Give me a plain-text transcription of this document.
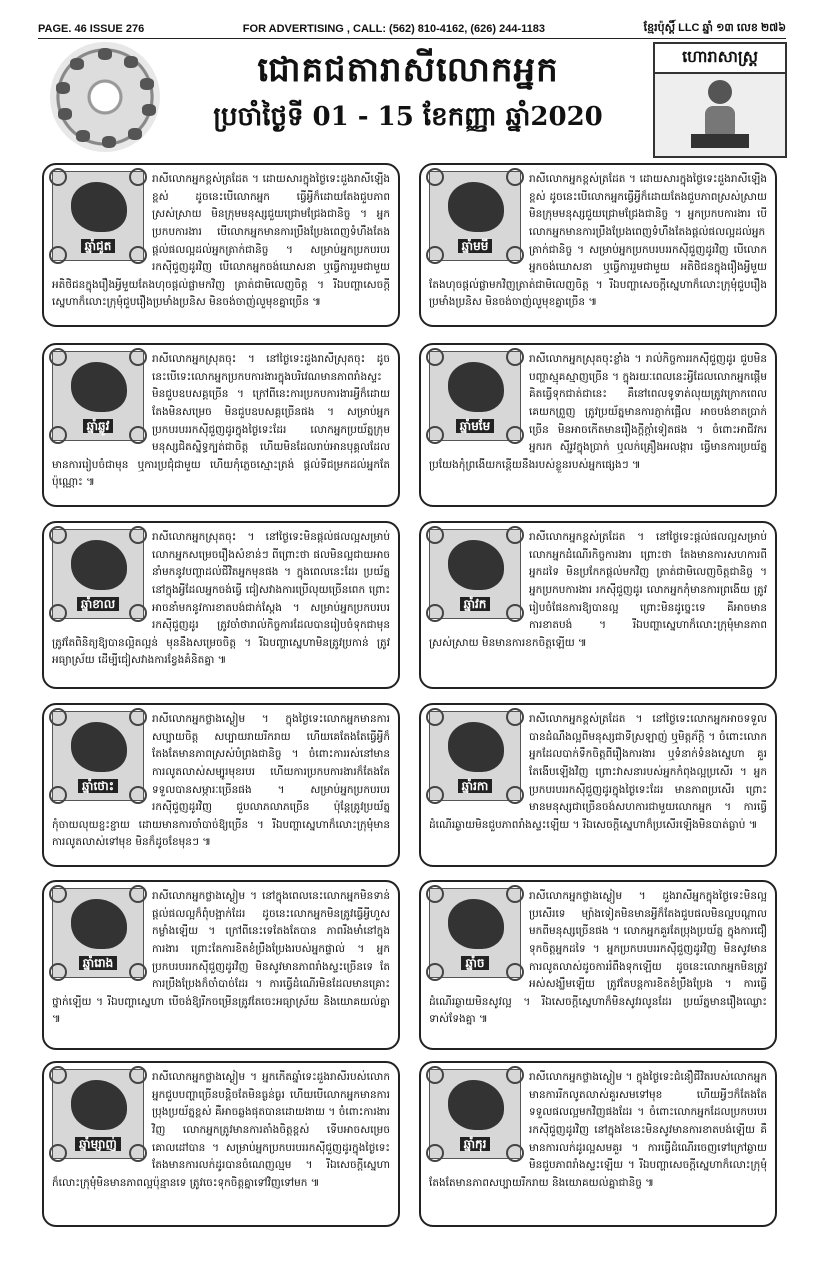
PAGE. 46 ISSUE 276	FOR ADVERTISING , CALL: (562) 810-4162, (626) 244-1183	ខ្មែរប៉ុស្តិ៍ LLC ឆ្នាំ ១៣ លេខ ២៧៦
ជោគជតារាសីលោកអ្នក
ប្រចាំថ្ងៃទី 01 - 15 ខែកញ្ញា ឆ្នាំ2020
ហោរាសាស្ត្រ
ឆ្នាំជូត

រាសីលោកអ្នកខ្ពស់ត្រដែត ។ ដោយសារក្នុងថ្ងៃទេះដួងរាសីឡើងខ្ពស់ ដូចនេះបើលោកអ្នក ធ្វើអ្វីក៏ដោយតែងជួបភាពស្រស់ស្រាយ មិនក្រុមមនុស្សជួយជ្រោមជ្រែងជានិច្ច ។ អ្នកប្រកបការងារ បើលោកអ្នកមានការប្រឹងប្រែងពេញទំហឹងតែងផ្តល់ផលល្អដល់អ្នកត្រាក់ជានិច្ច ។ សម្រាប់អ្នកប្រកបរបររកស៊ីជួញដូរវិញ បើលោកអ្នកចង់ឃោសនា ឬធ្វើការរួមជាមួយ អតិថិជនក្នុងរឿងអ្វីមួយតែងហុចផ្តល់ផ្លាមកវិញ ត្រាត់ជាមិលេញចិត្ត ។ រីឯបញ្ហាសេចក្តីស្នេហាក៏លោះក្រុមុំជួបរឿងប្រមាំងប្រនិស មិនចង់ចាញ់លួមុខគ្នាច្រើន ៕

ឆ្នាំមមី

រាសីលោកអ្នកខ្ពស់ត្រដែត ។ ដោយសារក្នុងថ្ងៃទេះដួងរាសីឡើងខ្ពស់ ដូចនេះបើលោកអ្នកធ្វើអ្វីក៏ដោយតែងជួបភាពស្រស់ស្រាយ មិនក្រុមមនុស្សជួយជ្រោមជ្រែងជានិច្ច ។ អ្នកប្រកបការងារ បើលោកអ្នកមានការប្រឹងប្រែងពេញទំហឹងតែងផ្តល់ផលល្អដល់អ្នកត្រាក់ជានិច្ច ។ សម្រាប់អ្នកប្រកបរបររកស៊ីជួញដូរវិញ បើលោកអ្នកចង់ឃោសនា ឬធ្វើការរួមជាមួយ អតិថិជនក្នុងរឿងអ្វីមួយតែងហុចផ្តល់ផ្លាមកវិញត្រាត់ជាមិលេញចិត្ត ។ រីឯបញ្ហាសេចក្តីស្នេហាក៏លោះក្រុមុំជួបរឿងប្រមាំងប្រនិស មិនចង់ចាញ់លួមុខគ្នាច្រើន ៕

ឆ្នាំឆ្លូវ

រាសីលោកអ្នកស្រុតចុះ ។ នៅថ្ងៃទេះដួងរាសីស្រុតចុះ ដូចនេះបើទេះលោកអ្នកប្រកបការងារក្នុងបរិវេណមានភាពរាំងស្ទះ មិនជួបឧបសគ្គច្រើន ។ ក្រៅពីនេះការប្រកបការងារអ្វីក៏ដោយ តែងមិនសម្រេច មិនជួបឧបសគ្គច្រើនផង ។ សម្រាប់អ្នកប្រកបរបររកស៊ីជួញដូរក្នុងថ្ងៃទេះដែរ លោកអ្នកប្រយ័ត្នក្រុមមនុស្សជិតស្និទ្ធក្បត់ជាចិត្ត ហើយមិនដែលរាប់អានបុគ្គលដែលមានការរៀបចំជាមុន ឬការប្រជុំជាមួយ ហើយកុំភ្លេចស្មោះត្រង់ ផ្តល់ទីជម្រកដល់អ្នកតែប៉ុណ្ណោះ ៕

ឆ្នាំមមែ

រាសីលោកអ្នកស្រុតចុះខ្លាំង ។ រាល់កិច្ចការរកស៊ីជួញដូរ ជួបមិនបញ្ហាស្មុគស្មាញច្រើន ។ ក្នុងរយៈពេលនេះអ្វីដែលលោកអ្នកផ្តើមគិតធ្វើទុកជាត់ជានេះ គឺនៅពេលទូទាត់លុយត្រូវក្រោកពេលគេយកព្រួញ ត្រូវប្រយ័ត្នមានការភ្ញាក់ផ្អើល អាចបង់ខាតប្រាក់ច្រើន មិនអាចកើតមានរឿងក្តីក្តាំទៀតផង ។ ចំពោះអាជីវករ អ្នករក ស៊ីរូវក្នុងប្រាក់ ឬលក់គ្រឿងអលង្ការ ធ្វើមានការប្រយ័ត្នប្រយែងកុំព្រងើយកន្តើយនឹងរបស់ខ្លួនរបស់អ្នកផ្សេងៗ ៕

ឆ្នាំខាល

រាសីលោកអ្នកស្រុតចុះ ។ នៅថ្ងៃទេះមិនផ្តល់ផលល្អសម្រាប់លោកអ្នកសម្រេចរឿងសំខាន់ៗ ពីព្រោះថា ផលមិនល្អជាយអាចនាំមកនូវបញ្ហាដល់ជីវិតអ្នកមុនផង ។ ក្នុងពេលនេះដែរ ប្រយ័ត្ននៅក្នុងអ្វីដែលអ្នកចង់ធ្វើ ជៀសវាងការប្រើលុយច្រើនពេក ព្រោះអាចនាំមកនូវការខាតបង់ជាក់ស្តែង ។ សម្រាប់អ្នកប្រកបរបររកស៊ីជួញដូរ ត្រូវចាំថារាល់កិច្ចការដែលបានរៀបចំទុកជាមុន ត្រូវតែពិនិត្យឱ្យបានល្អិតល្អន់ មុននឹងសម្រេចចិត្ត ។ រីឯបញ្ហាស្នេហាមិនត្រូវប្រកាន់ ត្រូវអធ្យាស្រ័យ ដើម្បីជៀសវាងការខ្វែងគំនិតគ្នា ៕

ឆ្នាំវក

រាសីលោកអ្នកខ្ពស់ត្រដែត ។ នៅថ្ងៃទេះផ្តល់ផលល្អសម្រាប់លោកអ្នកដំណើរកិច្ចការងារ ព្រោះថា តែងមានការសហការពីអ្នកដទៃ មិនប្រកែកផ្តល់មកវិញ ត្រាត់ជាមិលេញចិត្តជានិច្ច ។ អ្នកប្រកបការងារ រកស៊ីជួញដូរ លោកអ្នកកុំមានការព្រងើយ ត្រូវរៀបចំផែនការឱ្យបានល្អ ព្រោះមិនដូច្នេះទេ គឺអាចមានការខាតបង់ ។ រីឯបញ្ហាស្នេហាក៏លោះក្រុមុំមានភាពស្រស់ស្រាយ មិនមានការខកចិត្តឡើយ ៕

ឆ្នាំថោះ

រាសីលោកអ្នកថ្លាងស្ងៀម ។ ក្នុងថ្ងៃទេះលោកអ្នកមានការសប្បាយចិត្ត សប្បាយរាយរីករាយ ហើយគេតែងតែធ្វើអ្វីក៏តែងតែមានភាពស្រស់បំព្រងជានិច្ច ។ ចំពោះការរស់នៅមានការលូតលាស់សម្បូរមុខរបរ ហើយការប្រកបការងារក៏តែងតែទទួលបានសម្ភារៈច្រើនផង ។ សម្រាប់អ្នកប្រកបរបររកស៊ីជួញដូរវិញ ជួបលាភលាភច្រើន ប៉ុន្តែត្រូវប្រយ័ត្នកុំចាយលុយខ្ជះខ្ជាយ ដោយមានការចាំបាច់ឱ្យច្រើន ។ រីឯបញ្ហាស្នេហាក៏លោះក្រុមុំមានការលូតលាស់ទៅមុខ មិនក៏ដូចខែមុនៗ ៕

ឆ្នាំរកា

រាសីលោកអ្នកខ្ពស់ត្រដែត ។ នៅថ្ងៃទេះលោកអ្នកអាចទទួលបានដំណឹងល្អពីមនុស្សជាទីស្រឡាញ់ ឬមិត្តភ័ក្តិ ។ ចំពោះលោកអ្នកដែលបាក់ទឹកចិត្តពីរឿងការងារ ឬទំនាក់ទំនងស្នេហា គួរតែងើបឡើងវិញ ព្រោះវាសនារបស់អ្នកកំពុងល្អប្រសើរ ។ អ្នកប្រកបរបររកស៊ីជួញដូរក្នុងថ្ងៃទេះដែរ មានភាពប្រសើរ ព្រោះមានមនុស្សជាច្រើនចង់សហការជាមួយលោកអ្នក ។ ការធ្វើដំណើរឆ្ងាយមិនជួបភាពរាំងស្ទះឡើយ ។ រីឯសេចក្តីស្នេហាក៏ប្រសើរឡើងមិនបាត់ធ្លាប់ ៕

ឆ្នាំរោង

រាសីលោកអ្នកថ្លាងស្ងៀម ។ នៅក្នុងពេលនេះលោកអ្នកមិនទាន់ផ្តល់ផលល្អក៏ពុំបង្អាក់ដែរ ដូចនេះលោកអ្នកមិនត្រូវធ្វើអ្វីហួសកម្លាំងឡើយ ។ ក្រៅពីនេះទេតែងតែបាន ភាពរឹងមាំនៅក្នុងការងារ ព្រោះតែការខិតខំប្រឹងប្រែងរបស់អ្នកផ្ទាល់ ។ អ្នកប្រកបរបររកស៊ីជួញដូរវិញ មិនសូវមានភាពរាំងស្ទះច្រើនទេ តែការប្រឹងប្រែងក៏ចាំបាច់ដែរ ។ ការធ្វើដំណើរមិនដែលមានគ្រោះថ្នាក់ឡើយ ។ រីឯបញ្ហាស្នេហា បើចង់ឱ្យរីកចម្រើនត្រូវតែចេះអធ្យាស្រ័យ និងយោគយល់គ្នា ៕

ឆ្នាំច

រាសីលោកអ្នកថ្លាងស្ងៀម ។ ដួងរាសីអ្នកក្នុងថ្ងៃទេះមិនល្អ ប្រសើរទេ ម្យ៉ាងទៀតមិនមានអ្វីក៏តែងជួបផលមិនល្អបណ្តាលមកពីមនុស្សច្រើនផង ។ លោកអ្នកគួរតែប្រុងប្រយ័ត្ន ក្នុងការជឿទុកចិត្តអ្នកដទៃ ។ អ្នកប្រកបរបររកស៊ីជួញដូរវិញ មិនសូវមានការលូតលាស់ដូចការរំពឹងទុកឡើយ ដូចនេះលោកអ្នកមិនត្រូវអស់សង្ឃឹមឡើយ ត្រូវតែបន្តការខិតខំប្រឹងប្រែង ។ ការធ្វើដំណើរឆ្ងាយមិនសូវល្អ ។ រីឯសេចក្តីស្នេហាក៏មិនសូវរលូនដែរ ប្រយ័ត្នមានរឿងឈ្លោះទាស់ទែងគ្នា ៕

ឆ្នាំម្សាញ់

រាសីលោកអ្នកថ្លាងស្ងៀម ។ អ្នកកើតឆ្នាំទេះដួងរាសីរបស់លោកអ្នកជួបបញ្ហាច្រើនបន្តិចតែមិនធ្ងន់ធ្ងរ ហើយបើលោកអ្នកមានការប្រុងប្រយ័ត្នខ្ពស់ គឺអាចឆ្លងផុតបានដោយងាយ ។ ចំពោះការងារវិញ លោកអ្នកត្រូវមានការតាំងចិត្តខ្ពស់ ទើបអាចសម្រេចគោលដៅបាន ។ សម្រាប់អ្នកប្រកបរបររកស៊ីជួញដូរក្នុងថ្ងៃទេះ តែងមានការលក់ដូរបានចំណេញល្មម ។ រីឯសេចក្តីស្នេហាក៏លោះក្រុមុំមិនមានភាពល្អប៉ុន្មានទេ ត្រូវចេះទុកចិត្តគ្នាទៅវិញទៅមក ៕

ឆ្នាំកុរ

រាសីលោកអ្នកថ្លាងស្ងៀម ។ ក្នុងថ្ងៃទេះជំនឿជីវិតរបស់លោកអ្នកមានការរីកលូតលាស់គួរសមទៅមុខ ហើយអ្វីៗក៏តែងតែទទួលផលល្អមកវិញផងដែរ ។ ចំពោះលោកអ្នកដែលប្រកបរបររកស៊ីជួញដូរវិញ នៅក្នុងខែនេះមិនសូវមានការខាតបង់ឡើយ គឺមានការលក់ដូរល្អសមគួរ ។ ការធ្វើដំណើរចេញទៅក្រៅឆ្ងាយមិនជួបភាពរាំងស្ទះឡើយ ។ រីឯបញ្ហាសេចក្តីស្នេហាក៏លោះក្រុមុំតែងតែមានភាពសប្បាយរីករាយ និងយោគយល់គ្នាជានិច្ច ៕
